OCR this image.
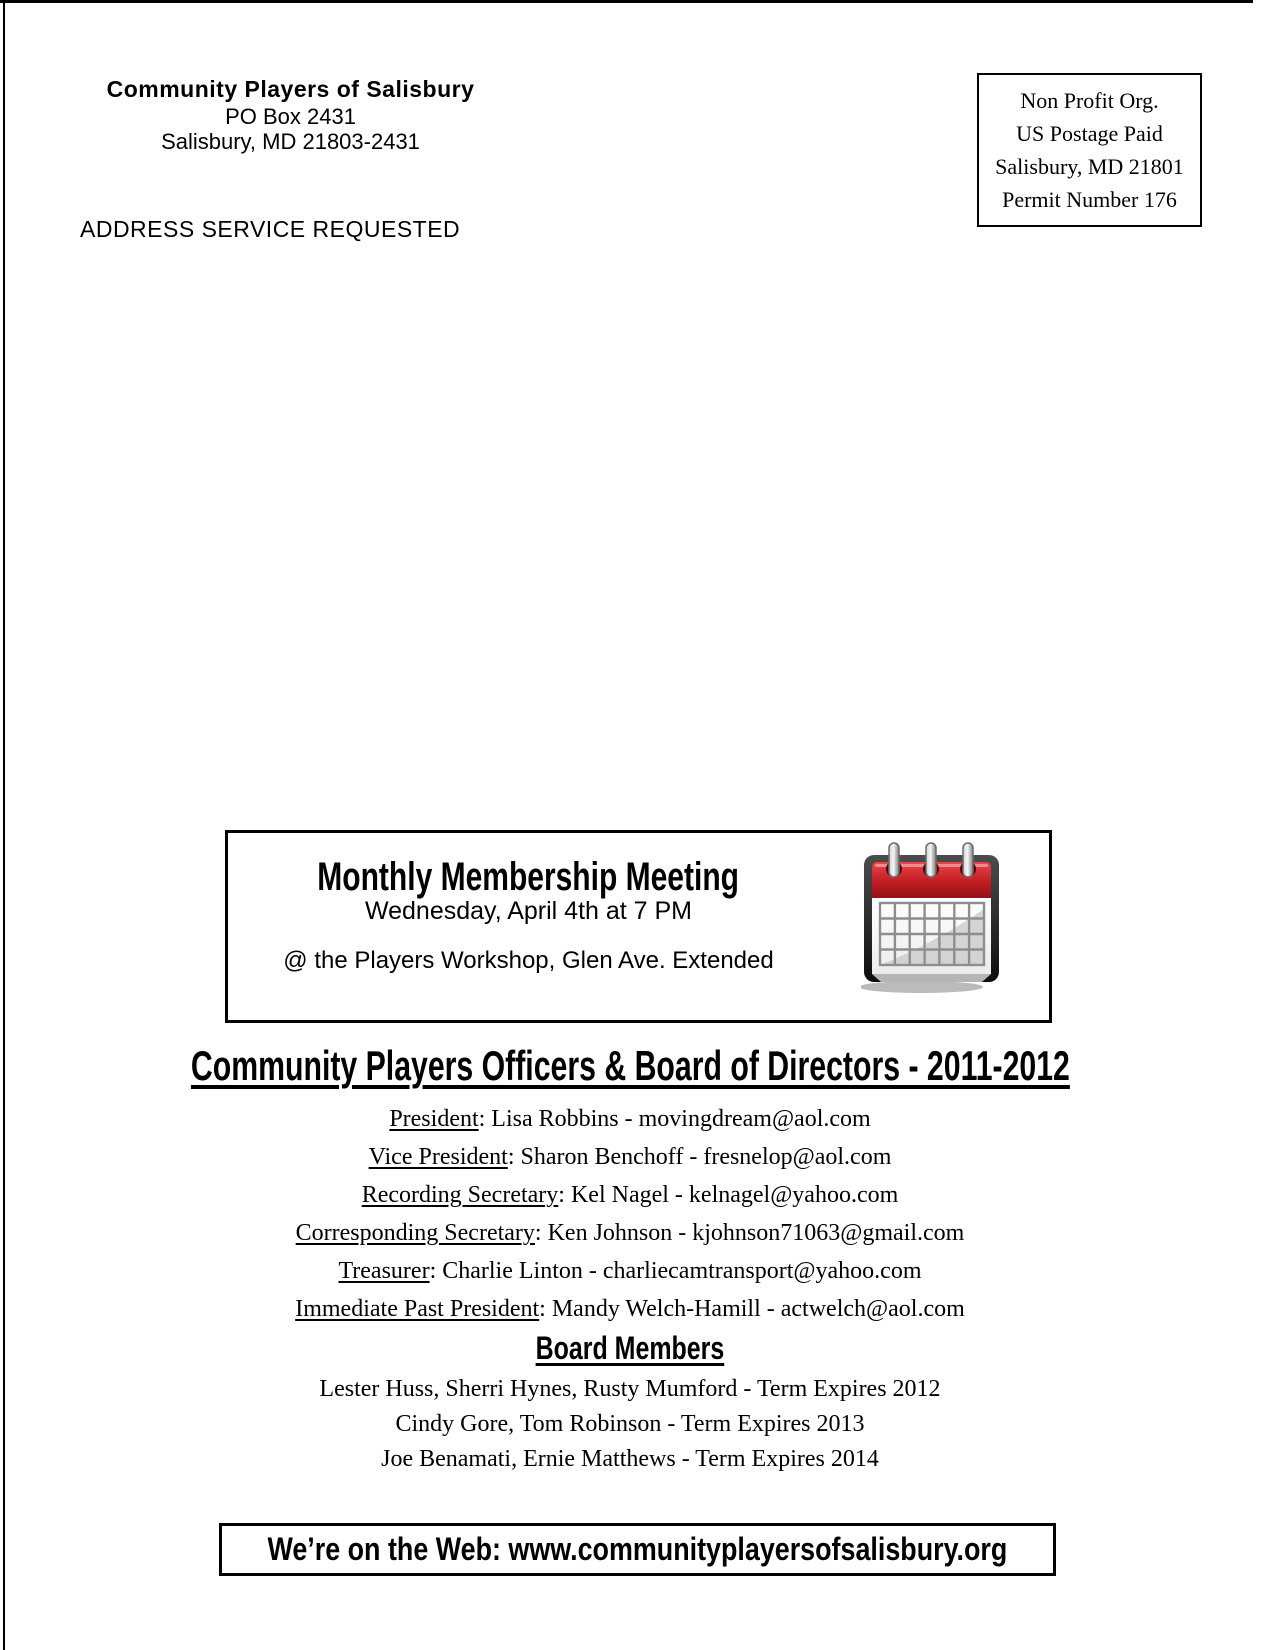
Community Players of Salisbury
PO Box 2431
Salisbury, MD 21803-2431
ADDRESS SERVICE REQUESTED
Non Profit Org.
US Postage Paid
Salisbury, MD 21801
Permit Number 176
Monthly Membership Meeting
Wednesday, April 4th at 7 PM
@ the Players Workshop, Glen Ave. Extended
Community Players Officers & Board of Directors - 2011-2012
President: Lisa Robbins - movingdream@aol.com
Vice President: Sharon Benchoff - fresnelop@aol.com
Recording Secretary: Kel Nagel - kelnagel@yahoo.com
Corresponding Secretary: Ken Johnson - kjohnson71063@gmail.com
Treasurer: Charlie Linton - charliecamtransport@yahoo.com
Immediate Past President: Mandy Welch-Hamill - actwelch@aol.com
Board Members
Lester Huss, Sherri Hynes, Rusty Mumford - Term Expires 2012
Cindy Gore, Tom Robinson - Term Expires 2013
Joe Benamati, Ernie Matthews - Term Expires 2014
We’re on the Web: www.communityplayersofsalisbury.org
